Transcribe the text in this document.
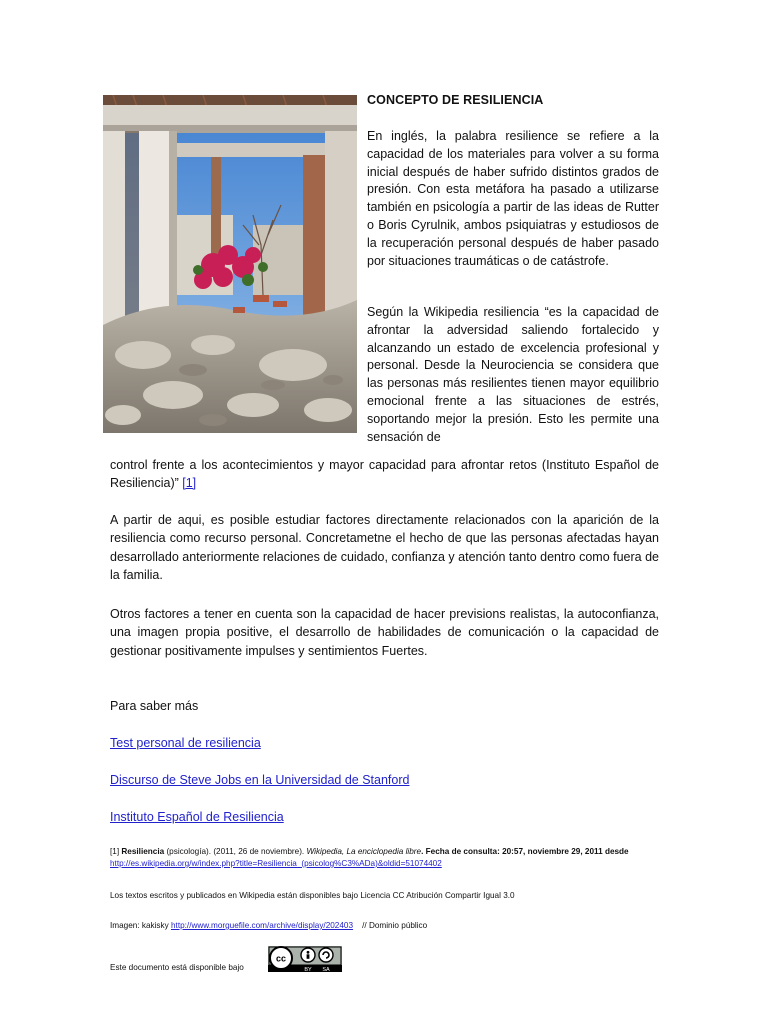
CONCEPTO DE RESILIENCIA
En inglés, la palabra resilience se refiere a la capacidad de los materiales para volver a su forma inicial después de haber sufrido distintos grados de presión. Con esta metáfora ha pasado a utilizarse también en psicología a partir de las ideas de Rutter o Boris Cyrulnik, ambos psiquiatras y estudiosos de la recuperación personal después de haber pasado por situaciones traumáticas o de catástrofe.
Según la Wikipedia resiliencia “es la capacidad de afrontar la adversidad saliendo fortalecido y alcanzando un estado de excelencia profesional y personal. Desde la Neurociencia se considera que las personas más resilientes tienen mayor equilibrio emocional frente a las situaciones de estrés, soportando mejor la presión. Esto les permite una sensación de
control frente a los acontecimientos y mayor capacidad para afrontar retos (Instituto Español de Resiliencia)” [1]
A partir de aqui, es posible estudiar factores directamente relacionados con la aparición de la resiliencia como recurso personal. Concretametne el hecho de que las personas afectadas hayan desarrollado anteriormente relaciones de cuidado, confianza y atención tanto dentro como fuera de la familia.
Otros factores a tener en cuenta son la capacidad de hacer previsions realistas, la autoconfianza, una imagen propia positive, el desarrollo de habilidades de comunicación o la capacidad de gestionar positivamente impulses y sentimientos Fuertes.
Para saber más
Test personal de resiliencia
Discurso de Steve Jobs en la Universidad de Stanford
Instituto Español de Resiliencia
[1] Resiliencia (psicología). (2011, 26 de noviembre). Wikipedia, La enciclopedia libre. Fecha de consulta: 20:57, noviembre 29, 2011 desde http://es.wikipedia.org/w/index.php?title=Resiliencia_(psicolog%C3%ADa)&oldid=51074402
Los textos escritos y publicados en Wikipedia están disponibles bajo Licencia CC Atribución Compartir Igual 3.0
Imagen: kakisky http://www.morguefile.com/archive/display/202403    // Dominio público
Este documento está disponible bajo
cc
BY SA
